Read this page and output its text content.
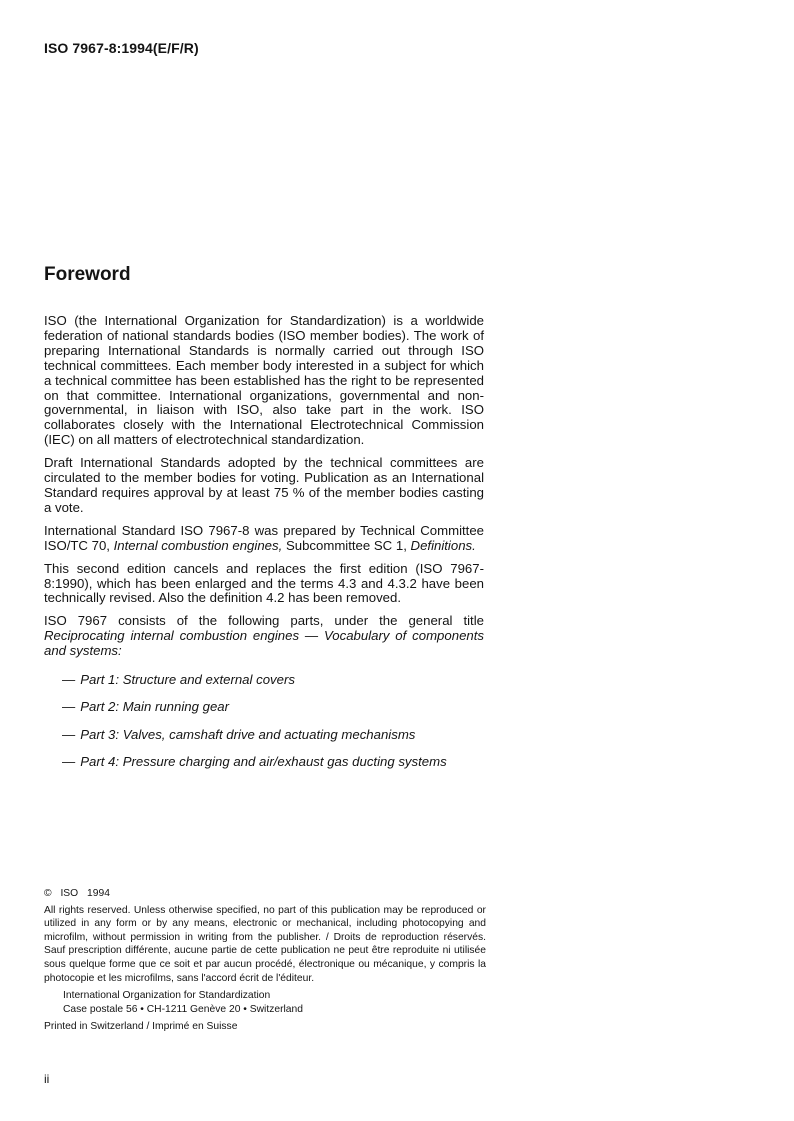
ISO 7967-8:1994(E/F/R)
Foreword

ISO (the International Organization for Standardization) is a worldwide federation of national standards bodies (ISO member bodies). The work of preparing International Standards is normally carried out through ISO technical committees. Each member body interested in a subject for which a technical committee has been established has the right to be represented on that committee. International organizations, governmental and non-governmental, in liaison with ISO, also take part in the work. ISO collaborates closely with the International Electrotechnical Commission (IEC) on all matters of electrotechnical standardization.

Draft International Standards adopted by the technical committees are circulated to the member bodies for voting. Publication as an International Standard requires approval by at least 75 % of the member bodies casting a vote.

International Standard ISO 7967-8 was prepared by Technical Committee ISO/TC 70, Internal combustion engines, Subcommittee SC 1, Definitions.

This second edition cancels and replaces the first edition (ISO 7967-8:1990), which has been enlarged and the terms 4.3 and 4.3.2 have been technically revised. Also the definition 4.2 has been removed.

ISO 7967 consists of the following parts, under the general title Reciprocating internal combustion engines — Vocabulary of components and systems:

— Part 1: Structure and external covers
— Part 2: Main running gear
— Part 3: Valves, camshaft drive and actuating mechanisms
— Part 4: Pressure charging and air/exhaust gas ducting systems

© ISO 1994

All rights reserved. Unless otherwise specified, no part of this publication may be reproduced or utilized in any form or by any means, electronic or mechanical, including photocopying and microfilm, without permission in writing from the publisher. / Droits de reproduction réservés. Sauf prescription différente, aucune partie de cette publication ne peut être reproduite ni utilisée sous quelque forme que ce soit et par aucun procédé, électronique ou mécanique, y compris la photocopie et les microfilms, sans l'accord écrit de l'éditeur.

International Organization for Standardization

Case postale 56 • CH-1211 Genève 20 • Switzerland

Printed in Switzerland / Imprimé en Suisse

ii
